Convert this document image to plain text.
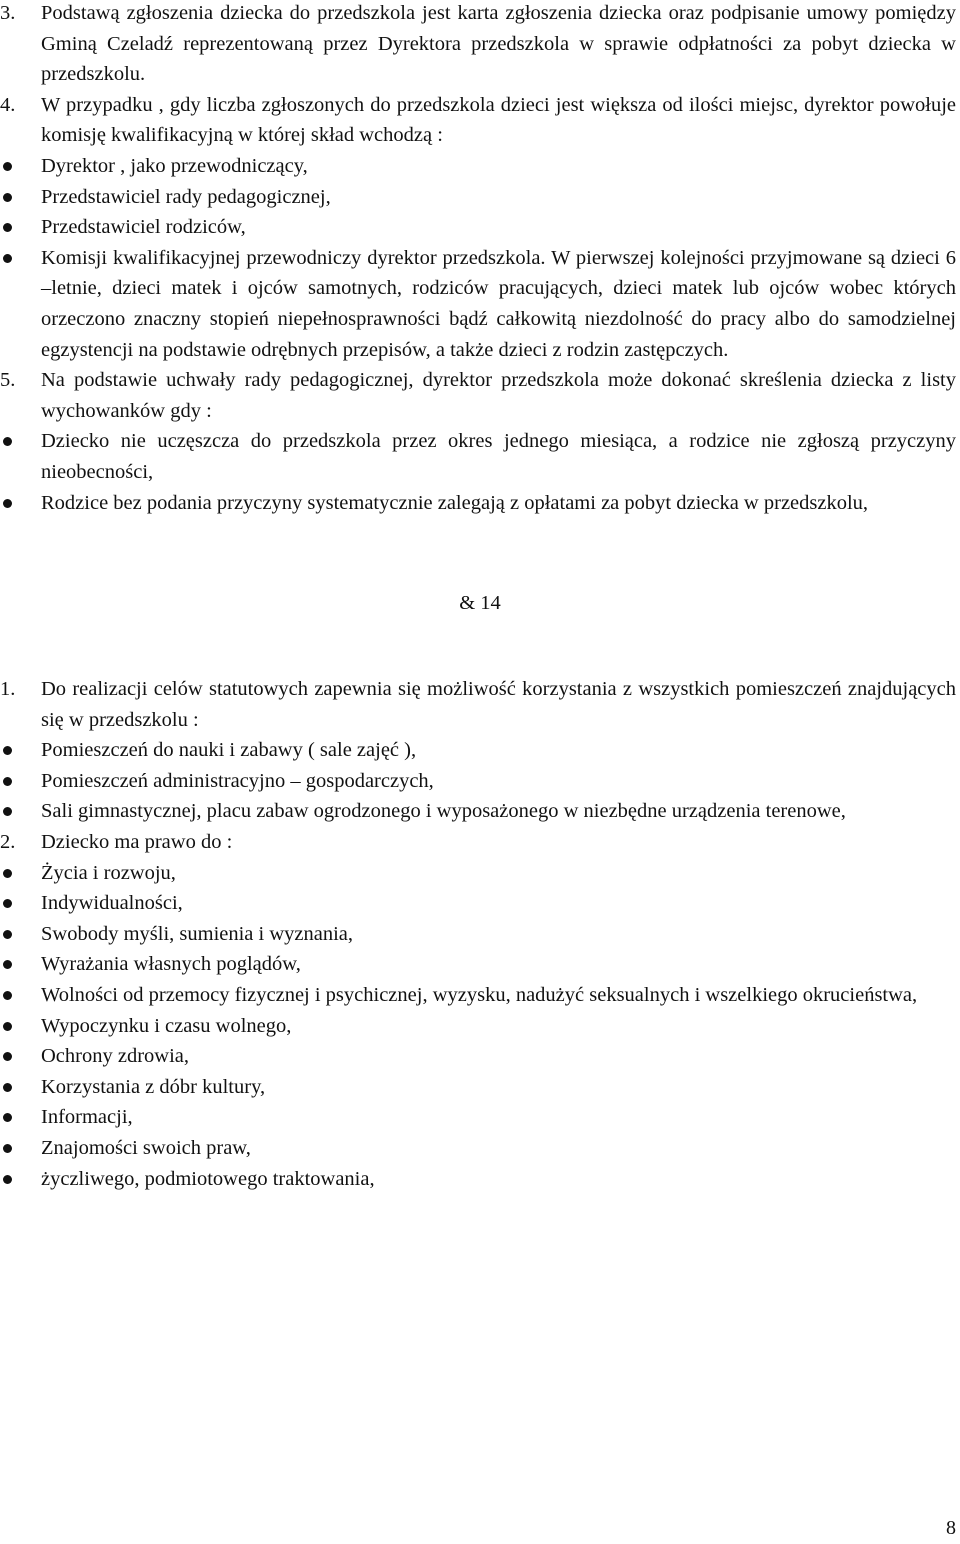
3. Podstawą zgłoszenia dziecka do przedszkola jest karta zgłoszenia dziecka oraz podpisanie umowy pomiędzy Gminą Czeladź reprezentowaną przez Dyrektora przedszkola w sprawie odpłatności za pobyt dziecka w przedszkolu.
4. W przypadku , gdy liczba zgłoszonych do przedszkola dzieci jest większa od ilości miejsc, dyrektor powołuje komisję kwalifikacyjną w której skład wchodzą :
Dyrektor , jako przewodniczący,
Przedstawiciel rady pedagogicznej,
Przedstawiciel rodziców,
Komisji kwalifikacyjnej przewodniczy dyrektor przedszkola. W pierwszej kolejności przyjmowane są dzieci 6 –letnie, dzieci matek i ojców samotnych, rodziców pracujących, dzieci matek lub ojców wobec których orzeczono znaczny stopień niepełnosprawności bądź całkowitą niezdolność do pracy albo do samodzielnej egzystencji na podstawie odrębnych przepisów, a także dzieci z rodzin zastępczych.
5. Na podstawie uchwały rady pedagogicznej, dyrektor przedszkola może dokonać skreślenia dziecka z listy wychowanków gdy :
Dziecko nie uczęszcza do przedszkola przez okres jednego miesiąca, a rodzice nie zgłoszą przyczyny nieobecności,
Rodzice bez podania przyczyny systematycznie zalegają z opłatami za pobyt dziecka w przedszkolu,
& 14
1. Do realizacji celów statutowych zapewnia się możliwość korzystania z wszystkich pomieszczeń znajdujących się w przedszkolu :
Pomieszczeń do nauki i zabawy ( sale zajęć ),
Pomieszczeń administracyjno – gospodarczych,
Sali gimnastycznej, placu zabaw ogrodzonego i wyposażonego w niezbędne urządzenia terenowe,
2. Dziecko ma prawo do :
Życia i rozwoju,
Indywidualności,
Swobody myśli, sumienia i wyznania,
Wyrażania własnych poglądów,
Wolności od przemocy fizycznej i psychicznej, wyzysku, nadużyć seksualnych i wszelkiego okrucieństwa,
Wypoczynku i czasu wolnego,
Ochrony zdrowia,
Korzystania z dóbr kultury,
Informacji,
Znajomości swoich praw,
życzliwego, podmiotowego traktowania,
8
